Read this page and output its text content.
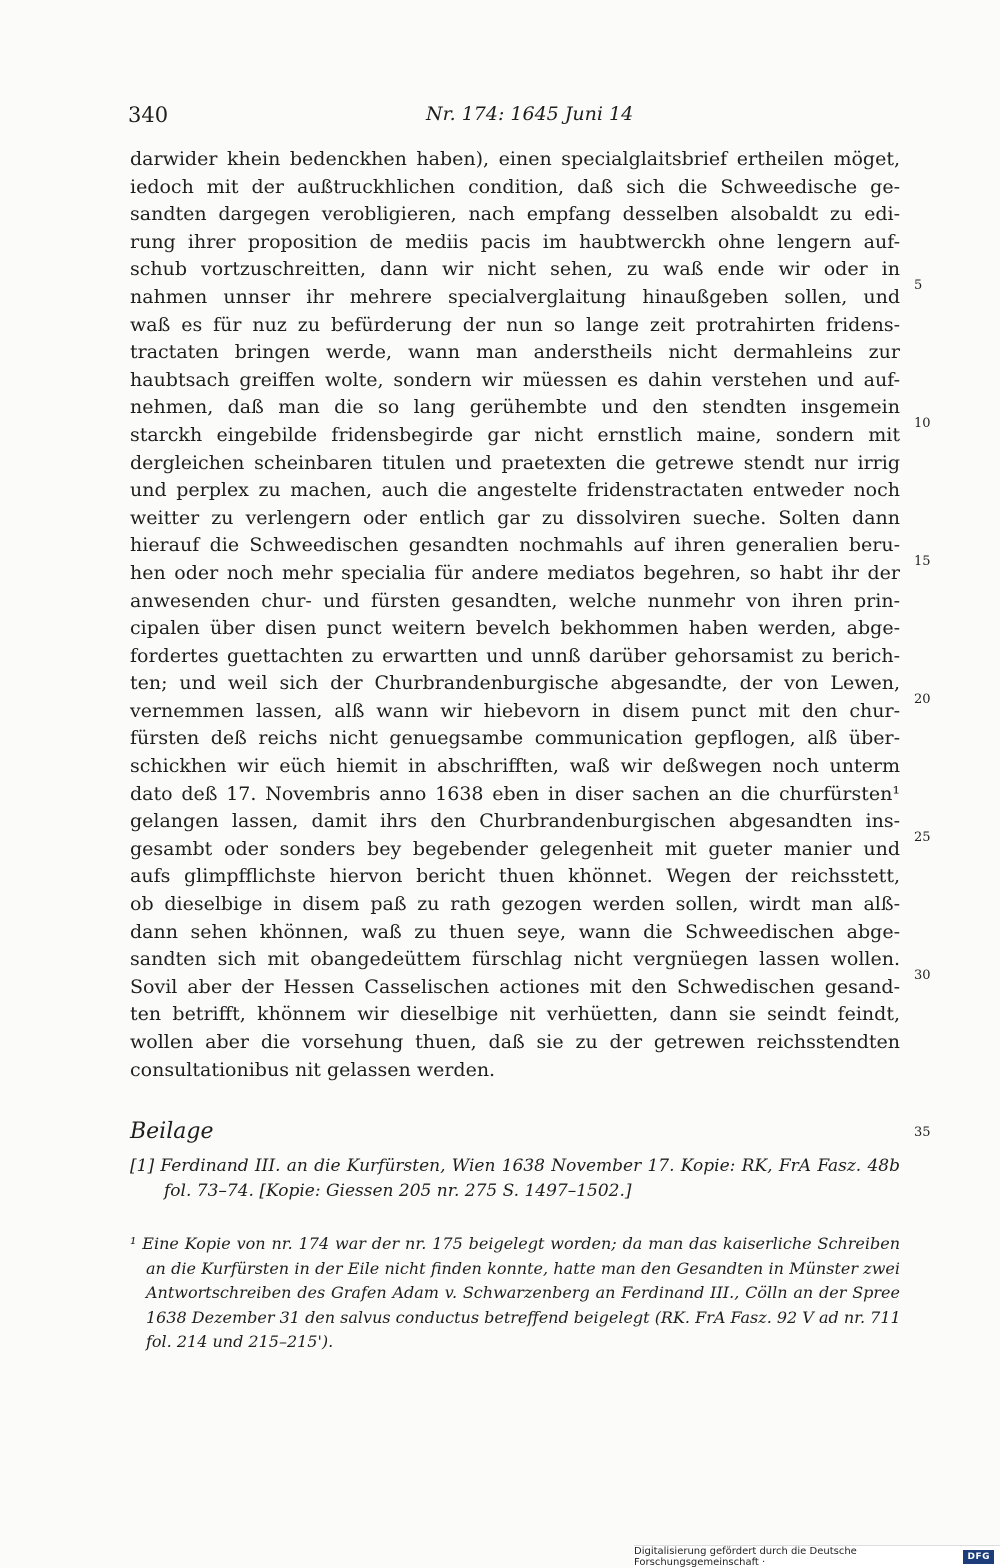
340	Nr. 174: 1645 Juni 14
darwider khein bedenckhen haben), einen specialglaitsbrief ertheilen möget,
iedoch mit der außtruckhlichen condition, daß sich die Schweedische ge-
sandten dargegen verobligieren, nach empfang desselben alsobaldt zu edi-
rung ihrer proposition de mediis pacis im haubtwerckh ohne lengern auf-
schub vortzuschreitten, dann wir nicht sehen, zu waß ende wir oder in
nahmen unnser ihr mehrere specialverglaitung hinaußgeben sollen, und
waß es für nuz zu befürderung der nun so lange zeit protrahirten fridens-
tractaten bringen werde, wann man anderstheils nicht dermahleins zur
haubtsach greiffen wolte, sondern wir müessen es dahin verstehen und auf-
nehmen, daß man die so lang gerühembte und den stendten insgemein
starckh eingebilde fridensbegirde gar nicht ernstlich maine, sondern mit
dergleichen scheinbaren titulen und praetexten die getrewe stendt nur irrig
und perplex zu machen, auch die angestelte fridenstractaten entweder noch
weitter zu verlengern oder entlich gar zu dissolviren sueche. Solten dann
hierauf die Schweedischen gesandten nochmahls auf ihren generalien beru-
hen oder noch mehr specialia für andere mediatos begehren, so habt ihr der
anwesenden chur- und fürsten gesandten, welche nunmehr von ihren prin-
cipalen über disen punct weitern bevelch bekhommen haben werden, abge-
fordertes guettachten zu erwartten und unnß darüber gehorsamist zu berich-
ten; und weil sich der Churbrandenburgische abgesandte, der von Lewen,
vernemmen lassen, alß wann wir hiebevorn in disem punct mit den chur-
fürsten deß reichs nicht genuegsambe communication gepflogen, alß über-
schickhen wir eüch hiemit in abschrifften, waß wir deßwegen noch unterm
dato deß 17. Novembris anno 1638 eben in diser sachen an die churfürsten¹
gelangen lassen, damit ihrs den Churbrandenburgischen abgesandten ins-
gesambt oder sonders bey begebender gelegenheit mit gueter manier und
aufs glimpfflichste hiervon bericht thuen khönnet. Wegen der reichsstett,
ob dieselbige in disem paß zu rath gezogen werden sollen, wirdt man alß-
dann sehen khönnen, waß zu thuen seye, wann die Schweedischen abge-
sandten sich mit obangedeüttem fürschlag nicht vergnüegen lassen wollen.
Sovil aber der Hessen Casselischen actiones mit den Schwedischen gesand-
ten betrifft, khönnem wir dieselbige nit verhüetten, dann sie seindt feindt,
wollen aber die vorsehung thuen, daß sie zu der getrewen reichsstendten
consultationibus nit gelassen werden.
5
10
15
20
25
30
35
Beilage
[1] Ferdinand III. an die Kurfürsten, Wien 1638 November 17. Kopie: RK, FrA Fasz. 48b
fol. 73–74. [Kopie: Giessen 205 nr. 275 S. 1497–1502.]
¹ Eine Kopie von nr. 174 war der nr. 175 beigelegt worden; da man das kaiserliche Schreiben
an die Kurfürsten in der Eile nicht finden konnte, hatte man den Gesandten in Münster zwei
Antwortschreiben des Grafen Adam v. Schwarzenberg an Ferdinand III., Cölln an der Spree
1638 Dezember 31 den salvus conductus betreffend beigelegt (RK. FrA Fasz. 92 V ad nr. 711
fol. 214 und 215–215').
Digitalisierung gefördert durch die Deutsche Forschungsgemeinschaft ·	DFG
